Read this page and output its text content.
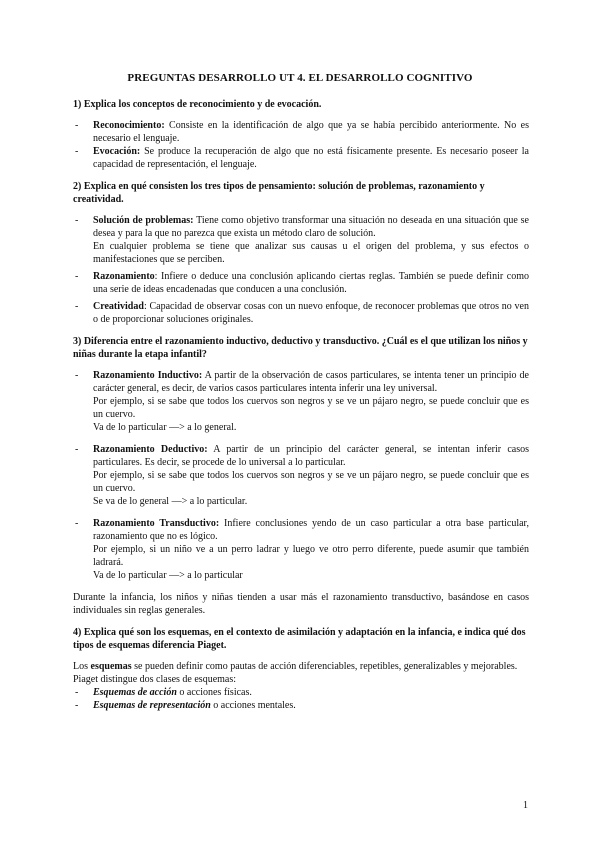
PREGUNTAS DESARROLLO UT 4. EL DESARROLLO COGNITIVO
1) Explica los conceptos de reconocimiento y de evocación.
- Reconocimiento: Consiste en la identificación de algo que ya se había percibido anteriormente. No es necesario el lenguaje.
- Evocación: Se produce la recuperación de algo que no está físicamente presente. Es necesario poseer la capacidad de representación, el lenguaje.
2) Explica en qué consisten los tres tipos de pensamiento: solución de problemas, razonamiento y creatividad.
- Solución de problemas: Tiene como objetivo transformar una situación no deseada en una situación que se desea y para la que no parezca que exista un método claro de solución.
En cualquier problema se tiene que analizar sus causas u el origen del problema, y sus efectos o manifestaciones que se perciben.
- Razonamiento: Infiere o deduce una conclusión aplicando ciertas reglas. También se puede definir como una serie de ideas encadenadas que conducen a una conclusión.
- Creatividad: Capacidad de observar cosas con un nuevo enfoque, de reconocer problemas que otros no ven o de proporcionar soluciones originales.
3) Diferencia entre el razonamiento inductivo, deductivo y transductivo. ¿Cuál es el que utilizan los niños y niñas durante la etapa infantil?
- Razonamiento Inductivo: A partir de la observación de casos particulares, se intenta tener un principio de carácter general, es decir, de varios casos particulares intenta inferir una ley universal.
Por ejemplo, si se sabe que todos los cuervos son negros y se ve un pájaro negro, se puede concluir que es un cuervo.
Va de lo particular —> a lo general.
- Razonamiento Deductivo: A partir de un principio del carácter general, se intentan inferir casos particulares. Es decir, se procede de lo universal a lo particular.
Por ejemplo, si se sabe que todos los cuervos son negros y se ve un pájaro negro, se puede concluir que es un cuervo.
Se va de lo general —> a lo particular.
- Razonamiento Transductivo: Infiere conclusiones yendo de un caso particular a otra base particular, razonamiento que no es lógico.
Por ejemplo, si un niño ve a un perro ladrar y luego ve otro perro diferente, puede asumir que también ladrará.
Va de lo particular —> a lo particular

Durante la infancia, los niños y niñas tienden a usar más el razonamiento transductivo, basándose en casos individuales sin reglas generales.

4) Explica qué son los esquemas, en el contexto de asimilación y adaptación en la infancia, e indica qué dos tipos de esquemas diferencia Piaget.

Los esquemas se pueden definir como pautas de acción diferenciables, repetibles, generalizables y mejorables.

Piaget distingue dos clases de esquemas:

- Esquemas de acción o acciones físicas.
- Esquemas de representación o acciones mentales.
1
